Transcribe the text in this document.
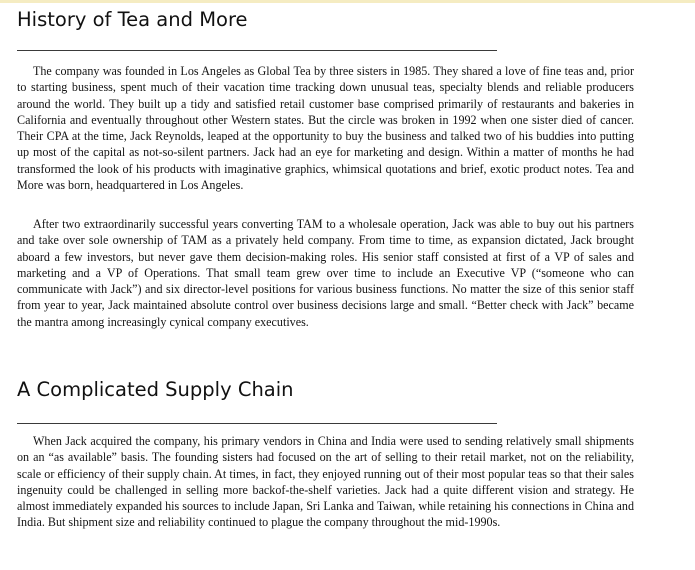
History of Tea and More

The company was founded in Los Angeles as Global Tea by three sisters in 1985. They shared a love of fine teas and, prior to starting business, spent much of their vacation time tracking down unusual teas, specialty blends and reliable producers around the world. They built up a tidy and satisfied retail customer base comprised primarily of restaurants and bakeries in California and eventually throughout other Western states. But the circle was broken in 1992 when one sister died of cancer. Their CPA at the time, Jack Reynolds, leaped at the opportunity to buy the business and talked two of his buddies into putting up most of the capital as not-so-silent partners. Jack had an eye for marketing and design. Within a matter of months he had transformed the look of his products with imaginative graphics, whimsical quotations and brief, exotic product notes. Tea and More was born, headquartered in Los Angeles.

After two extraordinarily successful years converting TAM to a wholesale operation, Jack was able to buy out his partners and take over sole ownership of TAM as a privately held company. From time to time, as expansion dictated, Jack brought aboard a few investors, but never gave them decision-making roles. His senior staff consisted at first of a VP of sales and marketing and a VP of Operations. That small team grew over time to include an Executive VP (“someone who can communicate with Jack”) and six director-level positions for various business functions. No matter the size of this senior staff from year to year, Jack maintained absolute control over business decisions large and small. “Better check with Jack” became the mantra among increasingly cynical company executives.

A Complicated Supply Chain

When Jack acquired the company, his primary vendors in China and India were used to sending relatively small shipments on an “as available” basis. The founding sisters had focused on the art of selling to their retail market, not on the reliability, scale or efficiency of their supply chain. At times, in fact, they enjoyed running out of their most popular teas so that their sales ingenuity could be challenged in selling more backof-the-shelf varieties. Jack had a quite different vision and strategy. He almost immediately expanded his sources to include Japan, Sri Lanka and Taiwan, while retaining his connections in China and India. But shipment size and reliability continued to plague the company throughout the mid-1990s.
